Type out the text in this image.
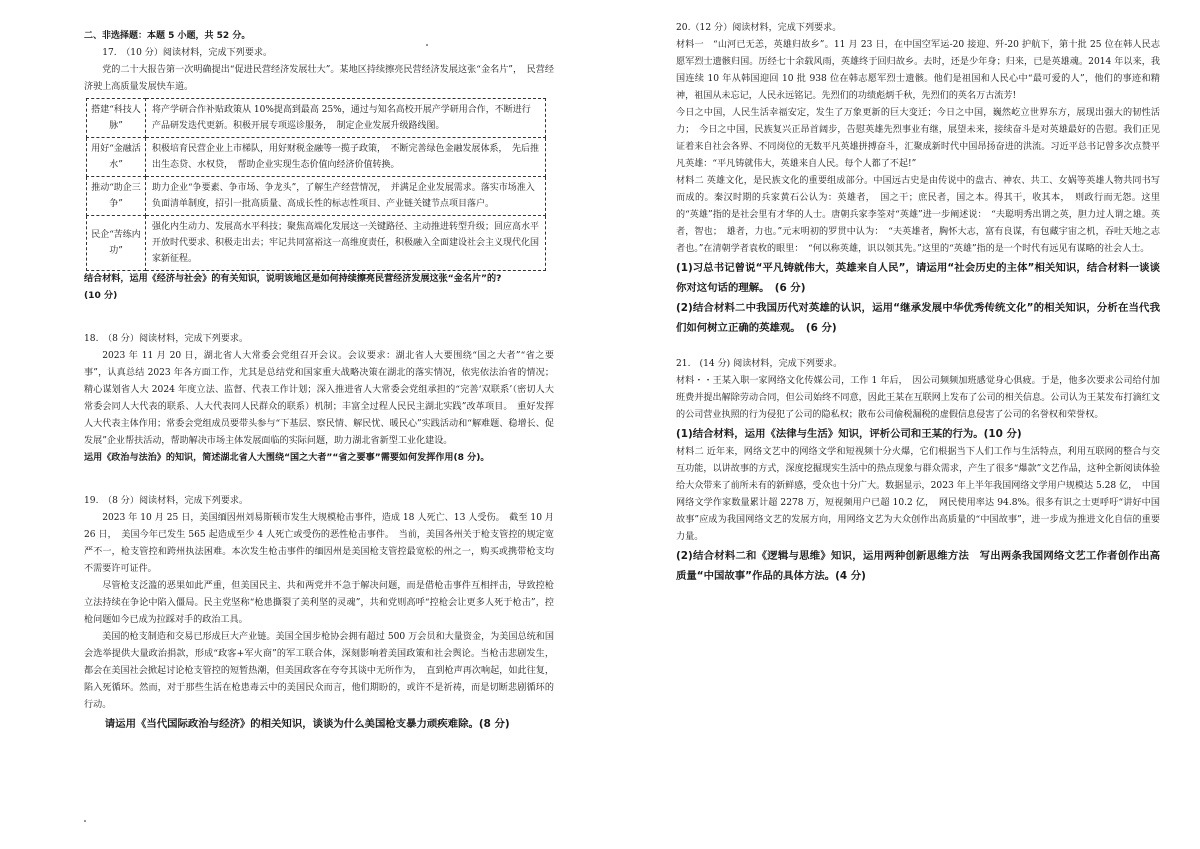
二、非选择题：本题 5 小题，共 52 分。

17.　（10 分）阅读材料，完成下列要求。

党的二十大报告第一次明确提出“促进民营经济发展壮大”。某地区持续擦亮民营经济发展这张“金名片”，　民营经济驶上高质量发展快车道。

搭建“科技人脉”	将产学研合作补贴政策从 10%提高到最高 25%，通过与知名高校开展产学研用合作，不断进行产品研发迭代更新。积极开展专项巡诊服务，　制定企业发展升级路线图。
用好“金融活水”	积极培育民营企业上市梯队，用好财税金融等一揽子政策，　不断完善绿色金融发展体系，　先后推出生态贷、水权贷，　帮助企业实现生态价值向经济价值转换。
推动“助企三争”	助力企业“争要素、争市场、争龙头”，了解生产经营情况，　并满足企业发展需求。落实市场准入负面清单制度，招引一批高质量、高成长性的标志性项目、产业链关键节点项目落户。
民企“苦练内功”	强化内生动力、发展高水平科技；聚焦高端化发展这一关键路径、主动推进转型升级；回应高水平开放时代要求、积极走出去；牢记共同富裕这一高维度责任，积极融入全面建设社会主义现代化国家新征程。

结合材料，运用《经济与社会》的有关知识，说明该地区是如何持续擦亮民营经济发展这张“金名片”的?
(10 分)

18.　（8 分）阅读材料，完成下列要求。

2023 年 11 月 20 日，湖北省人大常委会党组召开会议。会议要求：湖北省人大要围绕“国之大者”“省之要事”，认真总结 2023 年各方面工作，尤其是总结党和国家重大战略决策在湖北的落实情况，依宪依法治省的情况；精心谋划省人大 2024 年度立法、监督、代表工作计划；深入推进省人大常委会党组承担的“完善‘双联系’（密切人大常委会同人大代表的联系、人大代表同人民群众的联系）机制；丰富全过程人民民主湖北实践”改革项目。　重好发挥人大代表主体作用；常委会党组成员要带头参与“下基层、察民情、解民忧、暖民心”实践活动和“解难题、稳增长、促发展”企业帮扶活动，帮助解决市场主体发展面临的实际问题，助力湖北省新型工业化建设。

运用《政治与法治》的知识，简述湖北省人大围绕“国之大者”“省之要事”需要如何发挥作用(8 分)。

19.　（8 分）阅读材料，完成下列要求。

2023 年 10 月 25 日，美国缅因州刘易斯顿市发生大规模枪击事件，造成 18 人死亡、13 人受伤。　截至 10 月 26 日，　美国今年已发生 565 起造成至少 4 人死亡或受伤的恶性枪击事件。　当前，美国各州关于枪支管控的规定宽严不一，枪支管控和跨州执法困难。本次发生枪击事件的缅因州是美国枪支管控最宽松的州之一，购买或携带枪支均不需要许可证件。

尽管枪支泛滥的恶果如此严重，但美国民主、共和两党并不急于解决问题，而是借枪击事件互相抨击，导致控枪立法持续在争论中陷入僵局。民主党坚称“枪患撕裂了美利坚的灵魂”，共和党则高呼“控枪会让更多人死于枪击”，控枪问题如今已成为拉踩对手的政治工具。

美国的枪支制造和交易已形成巨大产业链。美国全国步枪协会拥有超过 500 万会员和大量资金，为美国总统和国会选举提供大量政治捐款，形成“政客+军火商”的军工联合体，深刻影响着美国政策和社会舆论。当枪击悲剧发生，都会在美国社会掀起讨论枪支管控的短暂热潮，但美国政客在夸夸其谈中无所作为，　直到枪声再次响起，如此往复，陷入死循环。然而，对于那些生活在枪患毒云中的美国民众而言，他们期盼的，或许不是祈祷，而是切断悲剧循环的行动。

请运用《当代国际政治与经济》的相关知识，谈谈为什么美国枪支暴力顽疾难除。(8 分)

20.（12 分）阅读材料，完成下列要求。

材料一　“山河已无恙，英雄归故乡”。11 月 23 日，在中国空军运-20 接迎、歼-20 护航下，第十批 25 位在韩人民志愿军烈士遗骸归国。历经七十余载风雨，英雄终于回归故乡。去时，还是少年身；归来，已是英雄魂。2014 年以来，我国连续 10 年从韩国迎回 10 批 938 位在韩志愿军烈士遗骸。他们是祖国和人民心中“最可爱的人”，他们的事迹和精神，祖国从未忘记，人民永远铭记。先烈们的功绩彪炳千秋，先烈们的英名万古流芳!

今日之中国，人民生活幸福安定，发生了万象更新的巨大变迁；今日之中国，巍然屹立世界东方，展现出强大的韧性活力；　今日之中国，民族复兴正昂首阔步，告慰英雄先烈事业有继，展望未来，接续奋斗是对英雄最好的告慰。我们正见证着来自社会各界、不同岗位的无数平凡英雄拼搏奋斗，汇聚成新时代中国昂扬奋进的洪流。习近平总书记曾多次点赞平凡英雄：“平凡铸就伟大，英雄来自人民。每个人都了不起!”

材料二 英雄文化，是民族文化的重要组成部分。中国远古史是由传说中的盘古、神农、共工、女娲等英雄人物共同书写而成的。秦汉时期的兵家黄石公认为：英雄者，　国之干；庶民者，国之本。得其干，收其本，　则政行而无怨。这里的“英雄”指的是社会里有才华的人士。唐朝兵家李筌对“英雄”进一步阐述说：　“夫聪明秀出谓之英，胆力过人谓之雄。英者，智也；　雄者，力也。”元末明初的罗贯中认为：　“夫英雄者，胸怀大志，富有良谋，有包藏宇宙之机，吞吐天地之志者也。”在清朝学者袁枚的眼里：　“何以称英雄，识以领其先。”这里的“英雄”指的是一个时代有远见有谋略的社会人士。

(1)习总书记曾说“平凡铸就伟大，英雄来自人民”，请运用“社会历史的主体”相关知识，结合材料一谈谈你对这句话的理解。　(6 分)

(2)结合材料二中我国历代对英雄的认识，运用“继承发展中华优秀传统文化”的相关知识，分析在当代我们如何树立正确的英雄观。　(6 分)

21.　(14 分) 阅读材料，完成下列要求。

材料・・王某入职一家网络文化传媒公司，工作 1 年后，　因公司频频加班感觉身心俱疲。于是，他多次要求公司给付加班费并提出解除劳动合同，但公司始终不同意，因此王某在互联网上发布了公司的相关信息。公司认为王某发布打滴红文的公司营业执照的行为侵犯了公司的隐私权；散布公司偷税漏税的虚假信息侵害了公司的名誉权和荣誉权。

(1)结合材料，运用《法律与生活》知识，评析公司和王某的行为。(10 分)

材料二 近年来，网络文艺中的网络文学和短视频十分火爆，它们根据当下人们工作与生活特点，利用互联网的整合与交互功能，以讲故事的方式，深度挖掘现实生活中的热点现象与群众需求，产生了很多“爆款”文艺作品，这种全新阅读体验给大众带来了前所未有的新鲜感，受众也十分广大。数据显示，2023 年上半年我国网络文学用户规模达 5.28 亿，　中国网络文学作家数量累计超 2278 万，短视频用户已超 10.2 亿，　网民使用率达 94.8%。很多有识之士更呼吁“讲好中国故事”应成为我国网络文艺的发展方向，用网络文艺为大众创作出高质量的“中国故事”，进一步成为推进文化自信的重要力量。

(2)结合材料二和《逻辑与思维》知识，运用两种创新思维方法　写出两条我国网络文艺工作者创作出高质量“中国故事”作品的具体方法。(4 分)
